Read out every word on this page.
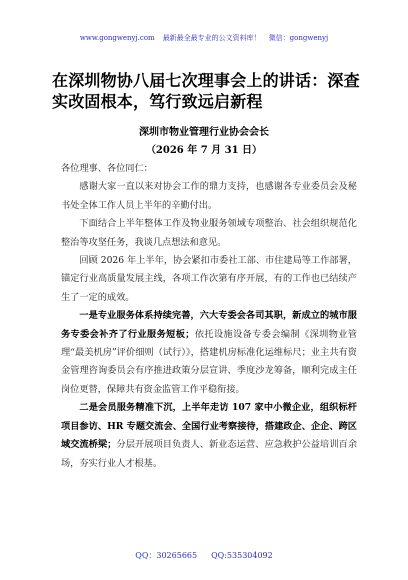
www.gongwenyj.com 最新最全最专业的公文资料库！ 微信：gongwenyj
在深圳物协八届七次理事会上的讲话：深查实改固根本，笃行致远启新程
深圳市物业管理行业协会会长
（2026 年 7 月 31 日）

各位理事、各位同仁：

感谢大家一直以来对协会工作的鼎力支持，也感谢各专业委员会及秘书处全体工作人员上半年的辛勤付出。

下面结合上半年整体工作及物业服务领域专项整治、社会组织规范化整治等攻坚任务，我谈几点想法和意见。

回顾 2026 年上半年，协会紧扣市委社工部、市住建局等工作部署，锚定行业高质量发展主线，各项工作次第有序开展，有的工作也已结续产生了一定的成效。

一是专业服务体系持续完善，六大专委会各司其职，新成立的城市服务专委会补齐了行业服务短板；依托设施设备专委会编制《深圳物业管理“最美机房”评价细则（试行）》，搭建机房标准化运维标尺；业主共有资金管理咨询委员会有序推进政策分层宣讲、季度沙龙筹备，顺利完成主任岗位更替，保障共有资金监管工作平稳衔接。

二是会员服务精准下沉，上半年走访 107 家中小微企业，组织标杆项目参访、HR 专题交流会、全国行业考察接待，搭建政企、企企、跨区域交流桥梁；分层开展项目负责人、新业态运营、应急救护公益培训百余场，夯实行业人才根基。

QQ：30265665 QQ:535304092
